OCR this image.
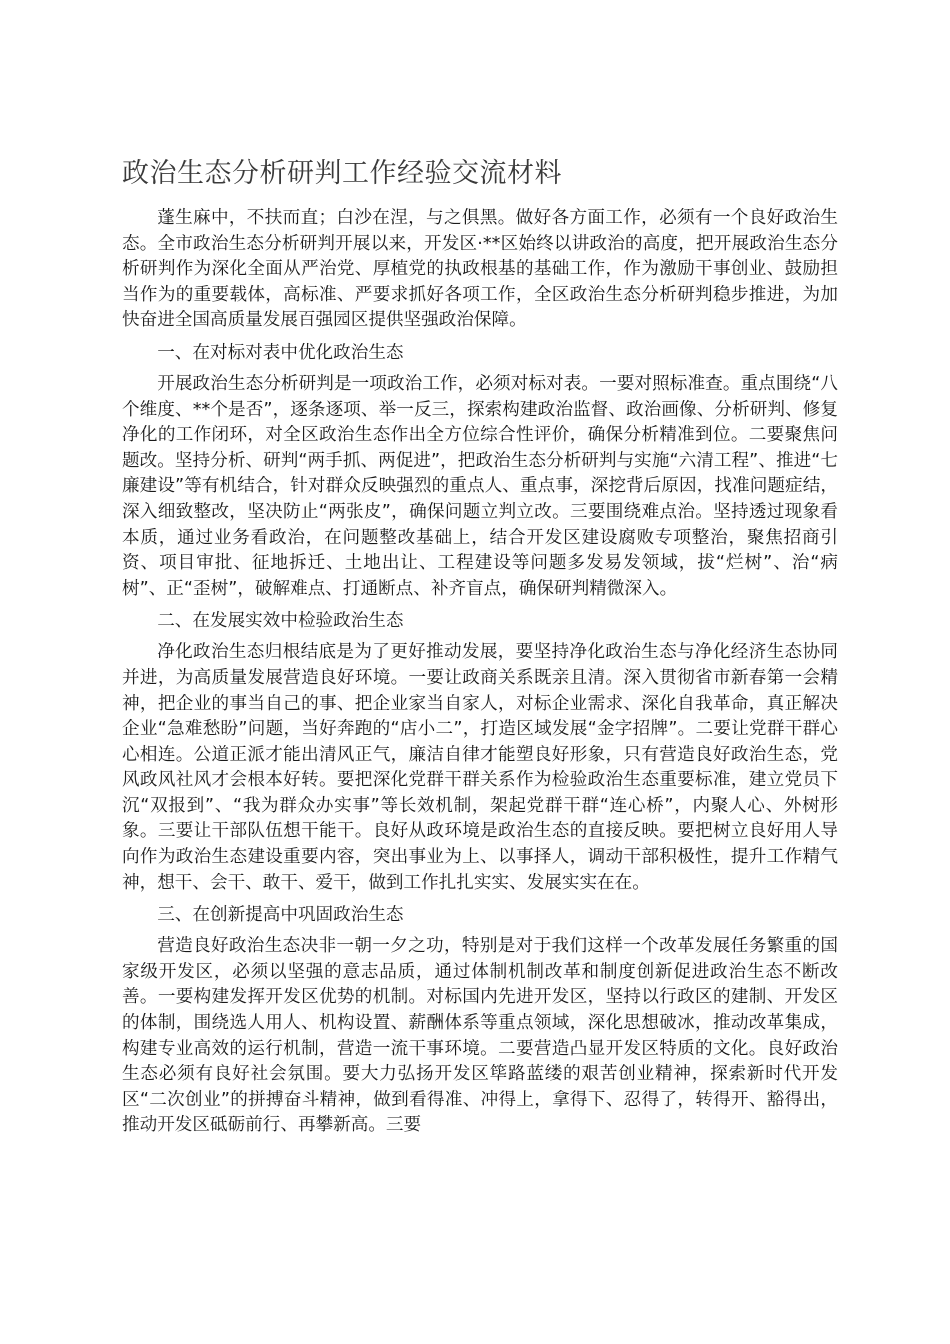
政治生态分析研判工作经验交流材料

蓬生麻中，不扶而直；白沙在涅，与之俱黑。做好各方面工作，必须有一个良好政治生态。全市政治生态分析研判开展以来，开发区·**区始终以讲政治的高度，把开展政治生态分析研判作为深化全面从严治党、厚植党的执政根基的基础工作，作为激励干事创业、鼓励担当作为的重要载体，高标准、严要求抓好各项工作，全区政治生态分析研判稳步推进，为加快奋进全国高质量发展百强园区提供坚强政治保障。

一、在对标对表中优化政治生态

开展政治生态分析研判是一项政治工作，必须对标对表。一要对照标准查。重点围绕“八个维度、**个是否”，逐条逐项、举一反三，探索构建政治监督、政治画像、分析研判、修复净化的工作闭环，对全区政治生态作出全方位综合性评价，确保分析精准到位。二要聚焦问题改。坚持分析、研判“两手抓、两促进”，把政治生态分析研判与实施“六清工程”、推进“七廉建设”等有机结合，针对群众反映强烈的重点人、重点事，深挖背后原因，找准问题症结，深入细致整改，坚决防止“两张皮”，确保问题立判立改。三要围绕难点治。坚持透过现象看本质，通过业务看政治，在问题整改基础上，结合开发区建设腐败专项整治，聚焦招商引资、项目审批、征地拆迁、土地出让、工程建设等问题多发易发领域，拔“烂树”、治“病树”、正“歪树”，破解难点、打通断点、补齐盲点，确保研判精微深入。

二、在发展实效中检验政治生态

净化政治生态归根结底是为了更好推动发展，要坚持净化政治生态与净化经济生态协同并进，为高质量发展营造良好环境。一要让政商关系既亲且清。深入贯彻省市新春第一会精神，把企业的事当自己的事、把企业家当自家人，对标企业需求、深化自我革命，真正解决企业“急难愁盼”问题，当好奔跑的“店小二”，打造区域发展“金字招牌”。二要让党群干群心心相连。公道正派才能出清风正气，廉洁自律才能塑良好形象，只有营造良好政治生态，党风政风社风才会根本好转。要把深化党群干群关系作为检验政治生态重要标准，建立党员下沉“双报到”、“我为群众办实事”等长效机制，架起党群干群“连心桥”，内聚人心、外树形象。三要让干部队伍想干能干。良好从政环境是政治生态的直接反映。要把树立良好用人导向作为政治生态建设重要内容，突出事业为上、以事择人，调动干部积极性，提升工作精气神，想干、会干、敢干、爱干，做到工作扎扎实实、发展实实在在。

三、在创新提高中巩固政治生态

营造良好政治生态决非一朝一夕之功，特别是对于我们这样一个改革发展任务繁重的国家级开发区，必须以坚强的意志品质，通过体制机制改革和制度创新促进政治生态不断改善。一要构建发挥开发区优势的机制。对标国内先进开发区，坚持以行政区的建制、开发区的体制，围绕选人用人、机构设置、薪酬体系等重点领域，深化思想破冰，推动改革集成，构建专业高效的运行机制，营造一流干事环境。二要营造凸显开发区特质的文化。良好政治生态必须有良好社会氛围。要大力弘扬开发区筚路蓝缕的艰苦创业精神，探索新时代开发区“二次创业”的拼搏奋斗精神，做到看得准、冲得上，拿得下、忍得了，转得开、豁得出，推动开发区砥砺前行、再攀新高。三要
